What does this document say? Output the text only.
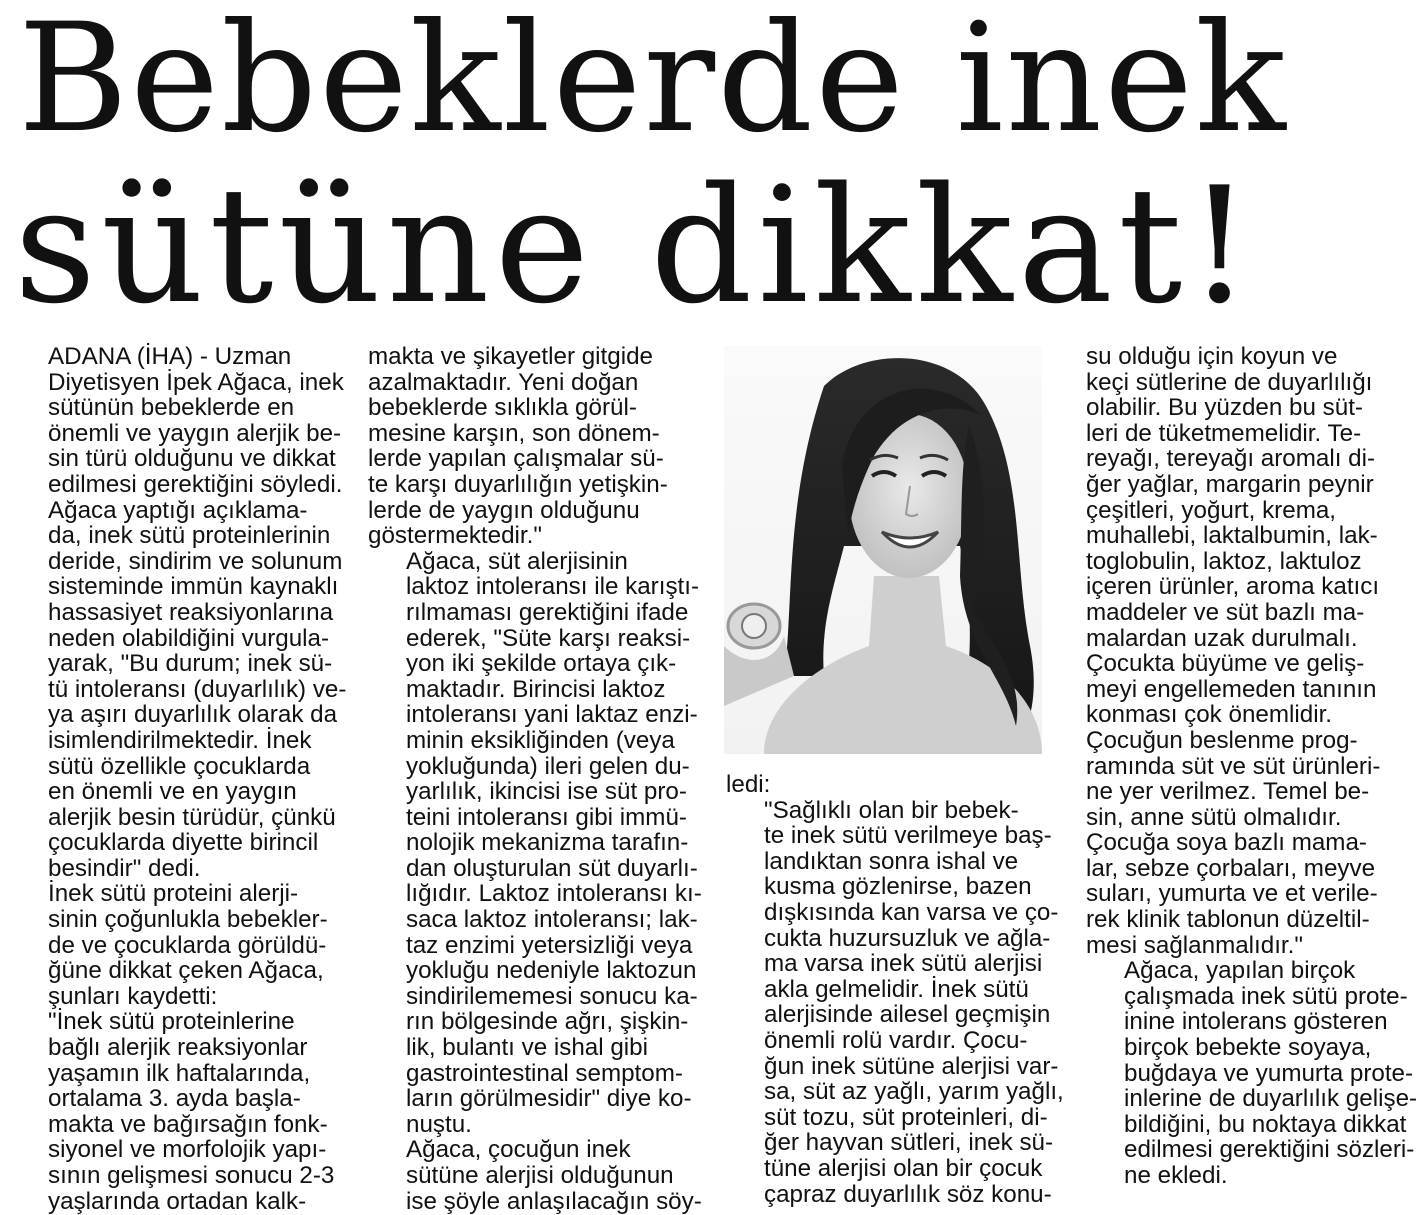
Bebeklerde inek
sütüne dikkat!

ADANA (İHA) - Uzman
Diyetisyen İpek Ağaca, inek
sütünün bebeklerde en
önemli ve yaygın alerjik be-
sin türü olduğunu ve dikkat
edilmesi gerektiğini söyledi.

Ağaca yaptığı açıklama-
da, inek sütü proteinlerinin
deride, sindirim ve solunum
sisteminde immün kaynaklı
hassasiyet reaksiyonlarına
neden olabildiğini vurgula-
yarak, "Bu durum; inek sü-
tü intoleransı (duyarlılık) ve-
ya aşırı duyarlılık olarak da
isimlendirilmektedir. İnek
sütü özellikle çocuklarda
en önemli ve en yaygın
alerjik besin türüdür, çünkü
çocuklarda diyette birincil
besindir" dedi.

İnek sütü proteini alerji-
sinin çoğunlukla bebekler-
de ve çocuklarda görüldü-
ğüne dikkat çeken Ağaca,
şunları kaydetti:

"İnek sütü proteinlerine
bağlı alerjik reaksiyonlar
yaşamın ilk haftalarında,
ortalama 3. ayda başla-
makta ve bağırsağın fonk-
siyonel ve morfolojik yapı-
sının gelişmesi sonucu 2-3
yaşlarında ortadan kalk-

makta ve şikayetler gitgide
azalmaktadır. Yeni doğan
bebeklerde sıklıkla görül-
mesine karşın, son dönem-
lerde yapılan çalışmalar sü-
te karşı duyarlılığın yetişkin-
lerde de yaygın olduğunu
göstermektedir."

Ağaca, süt alerjisinin
laktoz intoleransı ile karıştı-
rılmaması gerektiğini ifade
ederek, "Süte karşı reaksi-
yon iki şekilde ortaya çık-
maktadır. Birincisi laktoz
intoleransı yani laktaz enzi-
minin eksikliğinden (veya
yokluğunda) ileri gelen du-
yarlılık, ikincisi ise süt pro-
teini intoleransı gibi immü-
nolojik mekanizma tarafın-
dan oluşturulan süt duyarlı-
lığıdır. Laktoz intoleransı kı-
saca laktoz intoleransı; lak-
taz enzimi yetersizliği veya
yokluğu nedeniyle laktozun
sindirilememesi sonucu ka-
rın bölgesinde ağrı, şişkin-
lik, bulantı ve ishal gibi
gastrointestinal semptom-
ların görülmesidir" diye ko-
nuştu.

Ağaca, çocuğun inek
sütüne alerjisi olduğunun
ise şöyle anlaşılacağın söy-

ledi:

"Sağlıklı olan bir bebek-
te inek sütü verilmeye baş-
landıktan sonra ishal ve
kusma gözlenirse, bazen
dışkısında kan varsa ve ço-
cukta huzursuzluk ve ağla-
ma varsa inek sütü alerjisi
akla gelmelidir. İnek sütü
alerjisinde ailesel geçmişin
önemli rolü vardır. Çocu-
ğun inek sütüne alerjisi var-
sa, süt az yağlı, yarım yağlı,
süt tozu, süt proteinleri, di-
ğer hayvan sütleri, inek sü-
tüne alerjisi olan bir çocuk
çapraz duyarlılık söz konu-

su olduğu için koyun ve
keçi sütlerine de duyarlılığı
olabilir. Bu yüzden bu süt-
leri de tüketmemelidir. Te-
reyağı, tereyağı aromalı di-
ğer yağlar, margarin peynir
çeşitleri, yoğurt, krema,
muhallebi, laktalbumin, lak-
toglobulin, laktoz, laktuloz
içeren ürünler, aroma katıcı
maddeler ve süt bazlı ma-
malardan uzak durulmalı.
Çocukta büyüme ve geliş-
meyi engellemeden tanının
konması çok önemlidir.
Çocuğun beslenme prog-
ramında süt ve süt ürünleri-
ne yer verilmez. Temel be-
sin, anne sütü olmalıdır.
Çocuğa soya bazlı mama-
lar, sebze çorbaları, meyve
suları, yumurta ve et verile-
rek klinik tablonun düzeltil-
mesi sağlanmalıdır."

Ağaca, yapılan birçok
çalışmada inek sütü prote-
inine intolerans gösteren
birçok bebekte soyaya,
buğdaya ve yumurta prote-
inlerine de duyarlılık gelişe-
bildiğini, bu noktaya dikkat
edilmesi gerektiğini sözleri-
ne ekledi.
